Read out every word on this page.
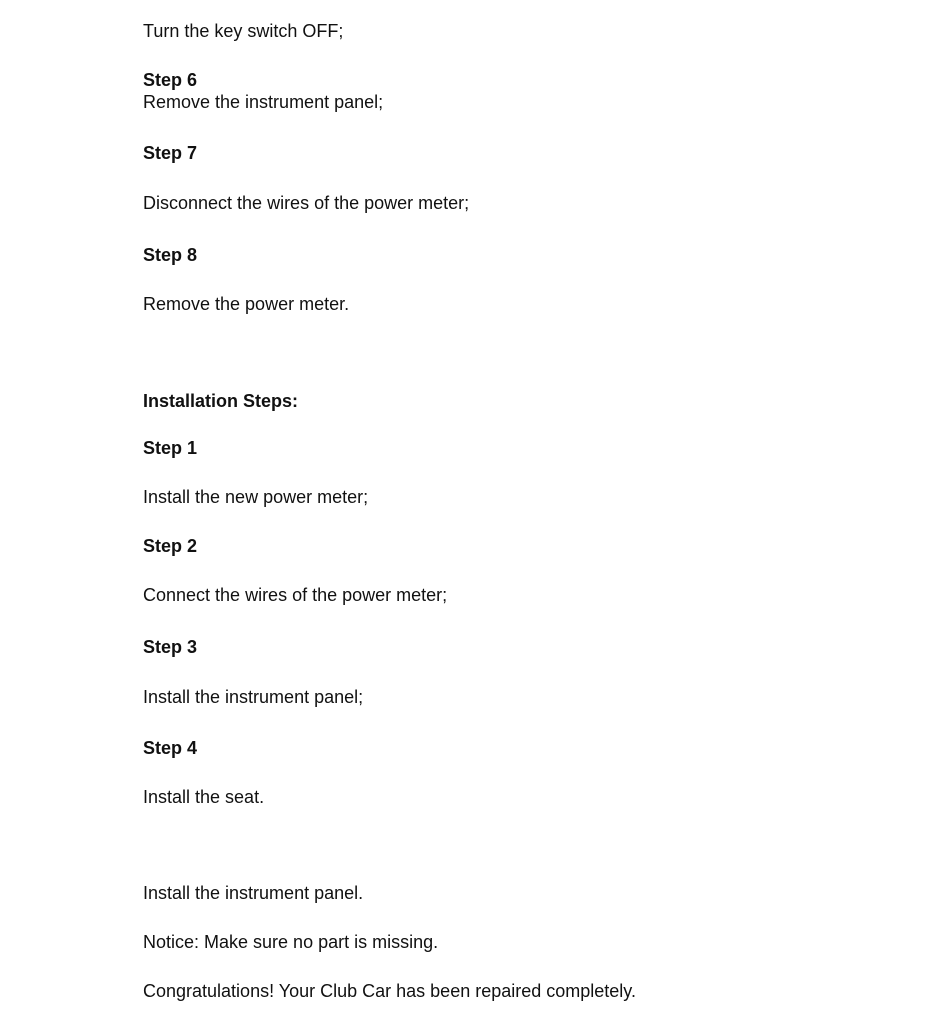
Turn the key switch OFF;
Step 6
Remove the instrument panel;
Step 7
Disconnect the wires of the power meter;
Step 8
Remove the power meter.
Installation Steps:
Step 1
Install the new power meter;
Step 2
Connect the wires of the power meter;
Step 3
Install the instrument panel;
Step 4
Install the seat.
Install the instrument panel.
Notice: Make sure no part is missing.
Congratulations! Your Club Car has been repaired completely.
